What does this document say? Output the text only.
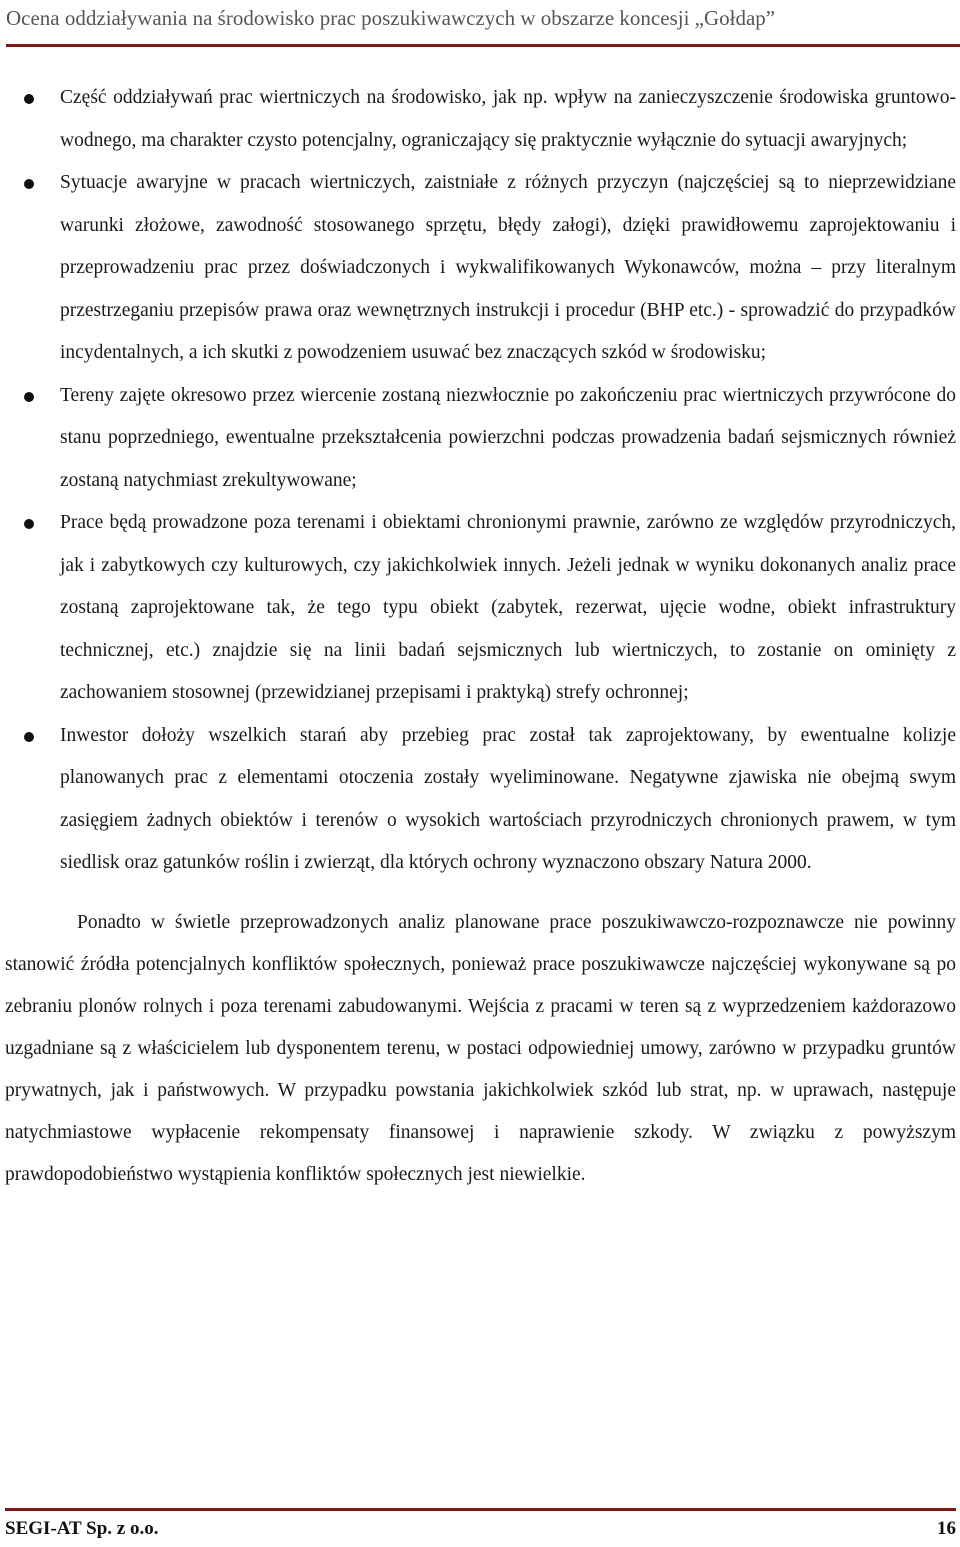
Ocena oddziaływania na środowisko prac poszukiwawczych w obszarze koncesji „Gołdap”
Część oddziaływań prac wiertniczych na środowisko, jak np. wpływ na zanieczyszczenie środowiska gruntowo-wodnego, ma charakter czysto potencjalny, ograniczający się praktycznie wyłącznie do sytuacji awaryjnych;
Sytuacje awaryjne w pracach wiertniczych, zaistniałe z różnych przyczyn (najczęściej są to nieprzewidziane warunki złożowe, zawodność stosowanego sprzętu, błędy załogi), dzięki prawidłowemu zaprojektowaniu i przeprowadzeniu prac przez doświadczonych i wykwalifikowanych Wykonawców, można – przy literalnym przestrzeganiu przepisów prawa oraz wewnętrznych instrukcji i procedur (BHP etc.) - sprowadzić do przypadków incydentalnych, a ich skutki z powodzeniem usuwać bez znaczących szkód w środowisku;
Tereny zajęte okresowo przez wiercenie zostaną niezwłocznie po zakończeniu prac wiertniczych przywrócone do stanu poprzedniego, ewentualne przekształcenia powierzchni podczas prowadzenia badań sejsmicznych również zostaną natychmiast zrekultywowane;
Prace będą prowadzone poza terenami i obiektami chronionymi prawnie, zarówno ze względów przyrodniczych, jak i zabytkowych czy kulturowych, czy jakichkolwiek innych. Jeżeli jednak w wyniku dokonanych analiz prace zostaną zaprojektowane tak, że tego typu obiekt (zabytek, rezerwat, ujęcie wodne, obiekt infrastruktury technicznej, etc.) znajdzie się na linii badań sejsmicznych lub wiertniczych, to zostanie on ominięty z zachowaniem stosownej (przewidzianej przepisami i praktyką) strefy ochronnej;
Inwestor dołoży wszelkich starań aby przebieg prac został tak zaprojektowany, by ewentualne kolizje planowanych prac z elementami otoczenia zostały wyeliminowane. Negatywne zjawiska nie obejmą swym zasięgiem żadnych obiektów i terenów o wysokich wartościach przyrodniczych chronionych prawem, w tym siedlisk oraz gatunków roślin i zwierząt, dla których ochrony wyznaczono obszary Natura 2000.

Ponadto w świetle przeprowadzonych analiz planowane prace poszukiwawczo-rozpoznawcze nie powinny stanowić źródła potencjalnych konfliktów społecznych, ponieważ prace poszukiwawcze najczęściej wykonywane są po zebraniu plonów rolnych i poza terenami zabudowanymi. Wejścia z pracami w teren są z wyprzedzeniem każdorazowo uzgadniane są z właścicielem lub dysponentem terenu, w postaci odpowiedniej umowy, zarówno w przypadku gruntów prywatnych, jak i państwowych. W przypadku powstania jakichkolwiek szkód lub strat, np. w uprawach, następuje natychmiastowe wypłacenie rekompensaty finansowej i naprawienie szkody. W związku z powyższym prawdopodobieństwo wystąpienia konfliktów społecznych jest niewielkie.

SEGI-AT Sp. z o.o.	16
